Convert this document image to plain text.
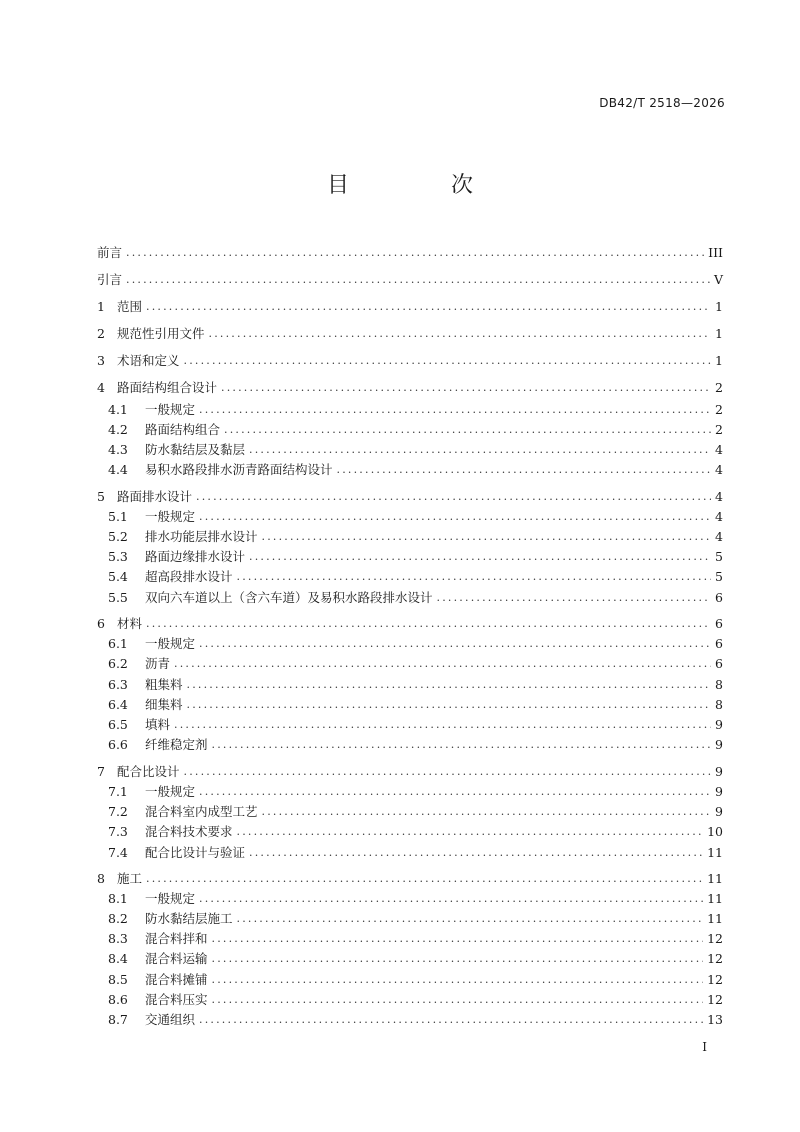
DB42/T 2518—2026
目　次
前言 .....	III
引言 .....	V
1 范围 .....	1
2 规范性引用文件 .....	1
3 术语和定义 .....	1
4 路面结构组合设计 .....	2
4.1	一般规定 .....	2
4.2	路面结构组合 .....	2
4.3	防水黏结层及黏层 .....	4
4.4	易积水路段排水沥青路面结构设计 .....	4
5 路面排水设计 .....	4
5.1	一般规定 .....	4
5.2	排水功能层排水设计 .....	4
5.3	路面边缘排水设计 .....	5
5.4	超高段排水设计 .....	5
5.5	双向六车道以上（含六车道）及易积水路段排水设计 .....	6
6 材料 .....	6
6.1	一般规定 .....	6
6.2	沥青 .....	6
6.3	粗集料 .....	8
6.4	细集料 .....	8
6.5	填料 .....	9
6.6	纤维稳定剂 .....	9
7 配合比设计 .....	9
7.1	一般规定 .....	9
7.2	混合料室内成型工艺 .....	9
7.3	混合料技术要求 .....	10
7.4	配合比设计与验证 .....	11
8 施工 .....	11
8.1	一般规定 .....	11
8.2	防水黏结层施工 .....	11
8.3	混合料拌和 .....	12
8.4	混合料运输 .....	12
8.5	混合料摊铺 .....	12
8.6	混合料压实 .....	12
8.7	交通组织 .....	13
I
